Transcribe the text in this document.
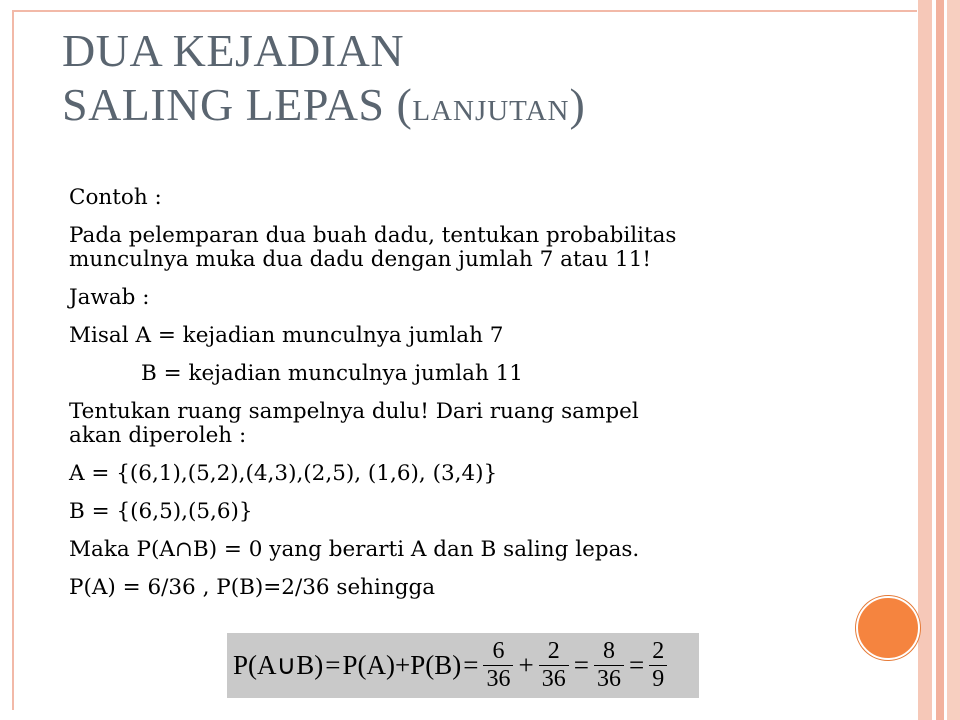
DUA KEJADIAN
SALING LEPAS (LANJUTAN)

Contoh :

Pada pelemparan dua buah dadu, tentukan probabilitas
munculnya muka dua dadu dengan jumlah 7 atau 11!

Jawab :

Misal A = kejadian munculnya jumlah 7

B = kejadian munculnya jumlah 11

Tentukan ruang sampelnya dulu! Dari ruang sampel
akan diperoleh :

A = {(6,1),(5,2),(4,3),(2,5), (1,6), (3,4)}

B = {(6,5),(5,6)}

Maka P(A∩B) = 0 yang berarti A dan B saling lepas.

P(A) = 6/36 , P(B)=2/36 sehingga

P(A∪B) = $P(A)+P(B) = \frac{6}{36} + \frac{2}{36} = \frac{8}{36} = \frac{2}{9}$
